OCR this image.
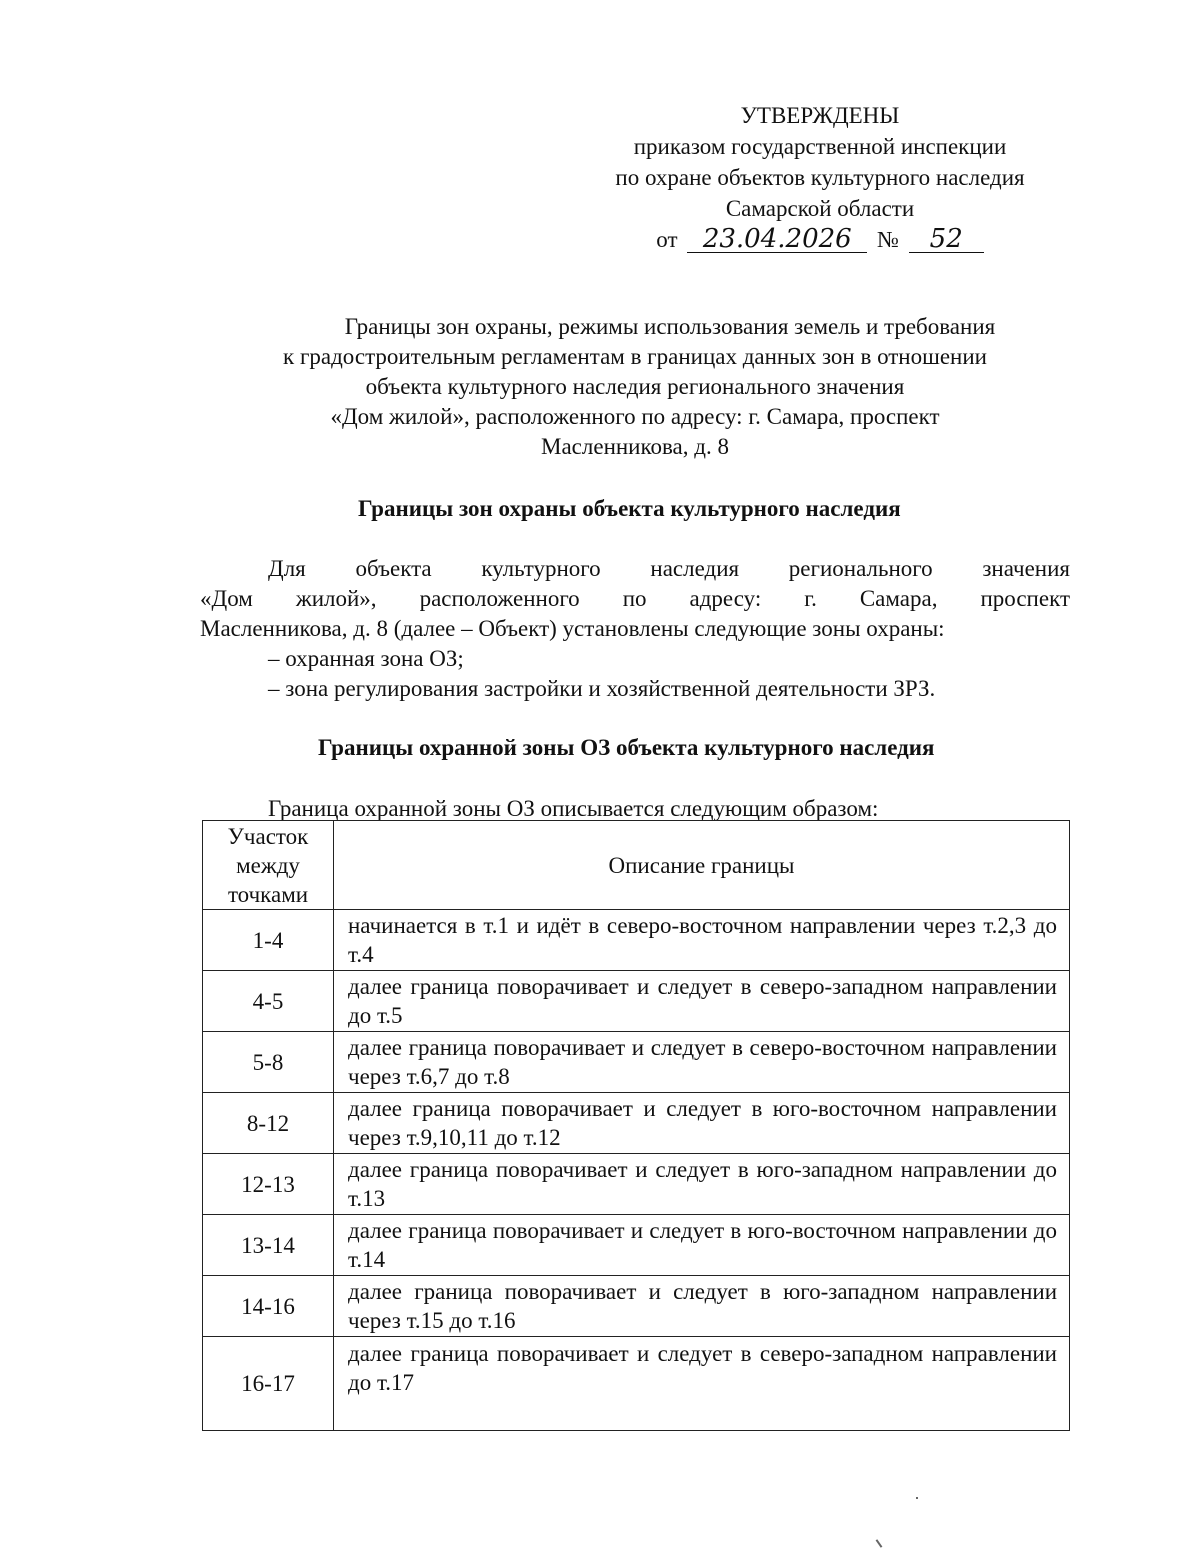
УТВЕРЖДЕНЫ
приказом государственной инспекции
по охране объектов культурного наследия
Самарской области
от 23.04.2026 № 52
Границы зон охраны, режимы использования земель и требования
к градостроительным регламентам в границах данных зон в отношении
объекта культурного наследия регионального значения
«Дом жилой», расположенного по адресу: г. Самара, проспект
Масленникова, д. 8
Границы зон охраны объекта культурного наследия

Для объекта культурного наследия регионального значения

«Дом жилой», расположенного по адресу: г. Самара, проспект

Масленникова, д. 8 (далее – Объект) установлены следующие зоны охраны:

– охранная зона ОЗ;

– зона регулирования застройки и хозяйственной деятельности ЗРЗ.

Границы охранной зоны ОЗ объекта культурного наследия
Граница охранной зоны ОЗ описывается следующим образом:
Участок
между
точками	Описание границы
1-4	начинается в т.1 и идёт в северо-восточном направлении через т.2,3 до т.4
4-5	далее граница поворачивает и следует в северо-западном направлении до т.5
5-8	далее граница поворачивает и следует в северо-восточном направлении через т.6,7 до т.8
8-12	далее граница поворачивает и следует в юго-восточном направлении через т.9,10,11 до т.12
12-13	далее граница поворачивает и следует в юго-западном направлении до т.13
13-14	далее граница поворачивает и следует в юго-восточном направлении до т.14
14-16	далее граница поворачивает и следует в юго-западном направлении через т.15 до т.16
16-17	далее граница поворачивает и следует в северо-западном направлении до т.17
